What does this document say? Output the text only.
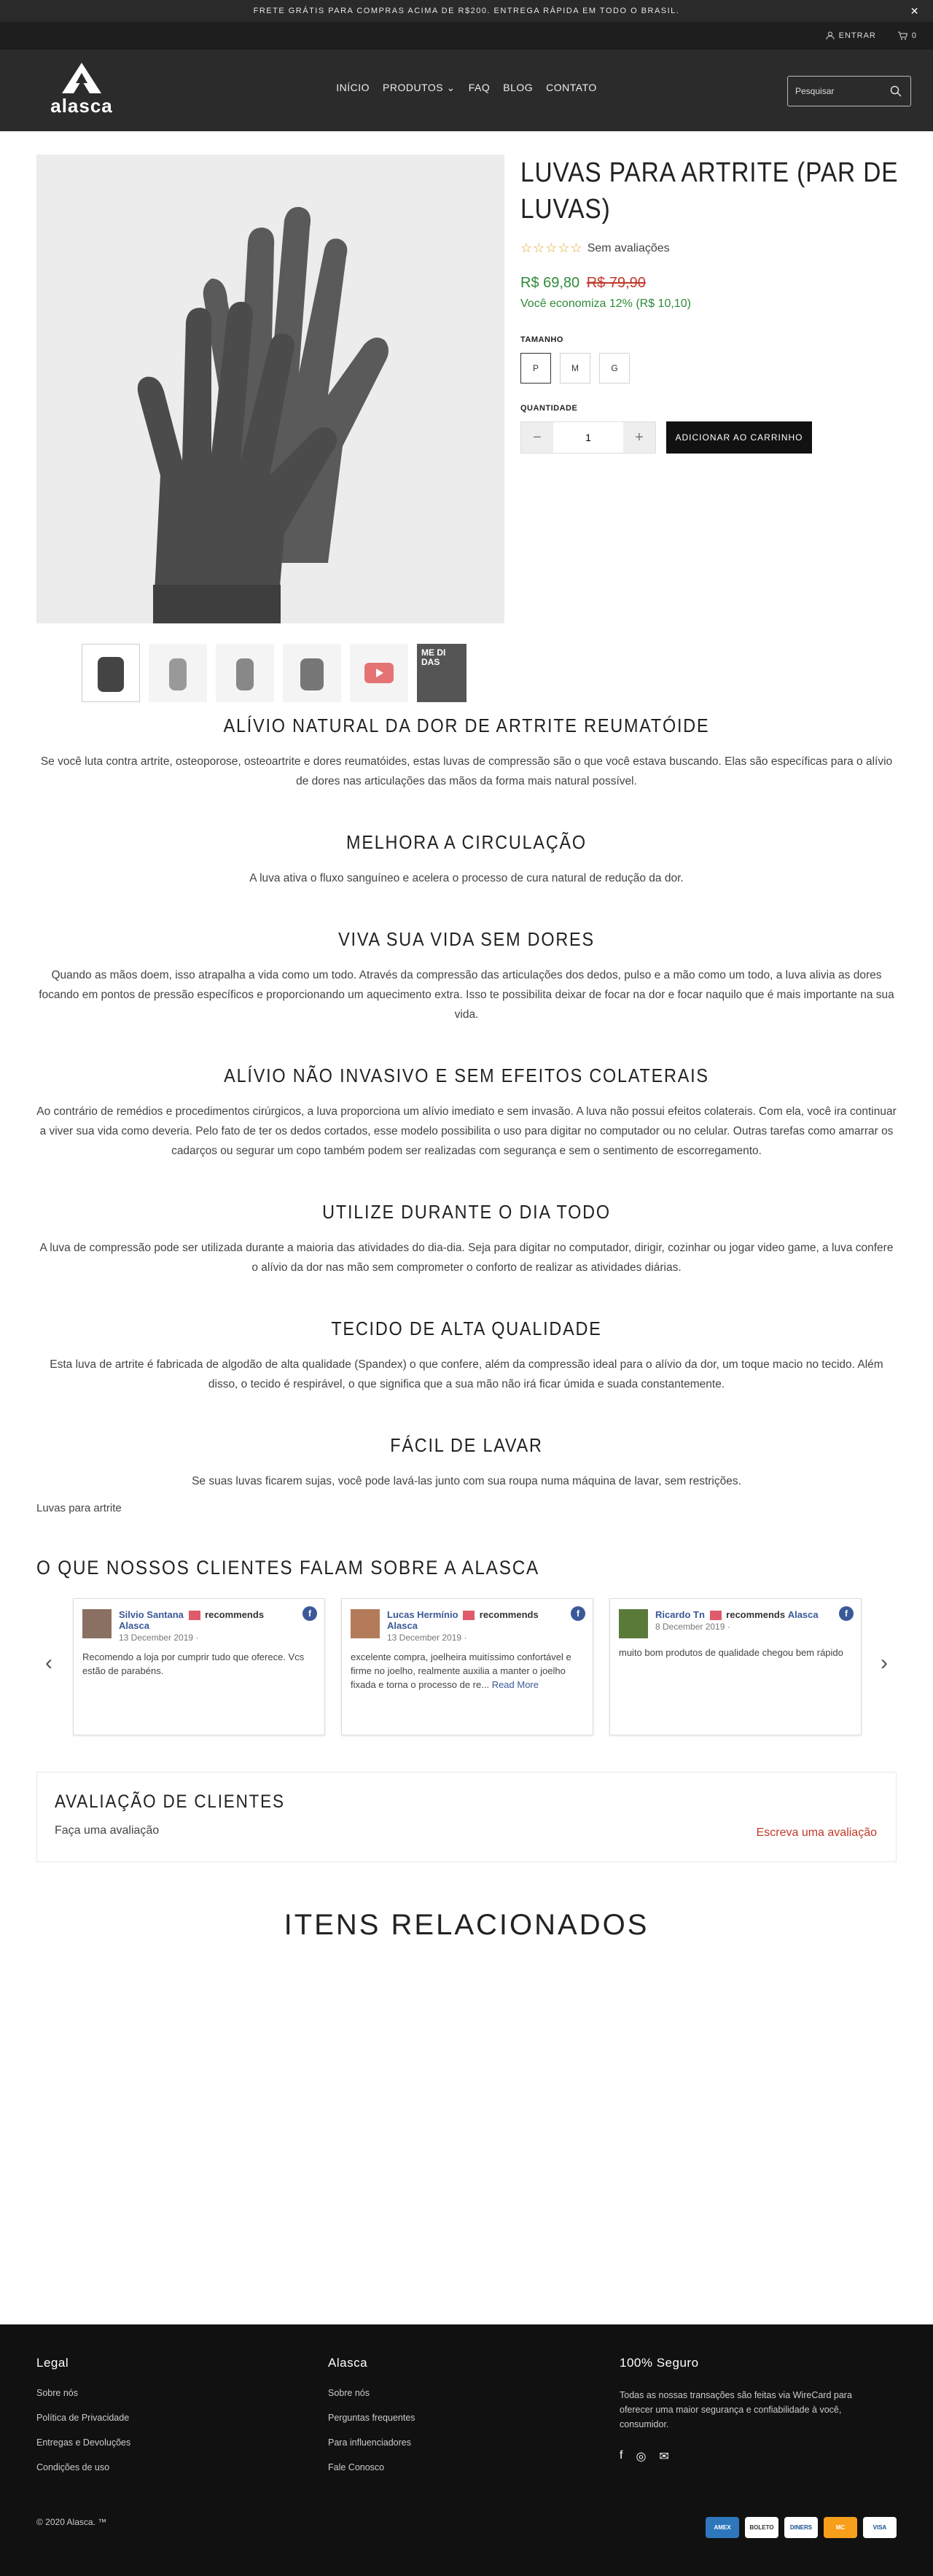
FRETE GRÁTIS PARA COMPRAS ACIMA DE R$200. ENTREGA RÁPIDA EM TODO O BRASIL.	✕
ENTRAR	0
alasca
INÍCIO PRODUTOS ⌄ FAQ BLOG CONTATO
Pesquisar
ME DI DAS
LUVAS PARA ARTRITE (PAR DE LUVAS)
☆☆☆☆☆ Sem avaliações
R$ 69,80 R$ 79,90
Você economiza 12% (R$ 10,10)
TAMANHO
P	M	G
QUANTIDADE
−
1	+	ADICIONAR AO CARRINHO
ALÍVIO NATURAL DA DOR DE ARTRITE REUMATÓIDE

Se você luta contra artrite, osteoporose, osteoartrite e dores reumatóides, estas luvas de compressão são o que você estava buscando. Elas são específicas para o alívio de dores nas articulações das mãos da forma mais natural possível.

MELHORA A CIRCULAÇÃO

A luva ativa o fluxo sanguíneo e acelera o processo de cura natural de redução da dor.

VIVA SUA VIDA SEM DORES

Quando as mãos doem, isso atrapalha a vida como um todo. Através da compressão das articulações dos dedos, pulso e a mão como um todo, a luva alivia as dores focando em pontos de pressão específicos e proporcionando um aquecimento extra. Isso te possibilita deixar de focar na dor e focar naquilo que é mais importante na sua vida.

ALÍVIO NÃO INVASIVO E SEM EFEITOS COLATERAIS

Ao contrário de remédios e procedimentos cirúrgicos, a luva proporciona um alívio imediato e sem invasão. A luva não possui efeitos colaterais. Com ela, você ira continuar a viver sua vida como deveria. Pelo fato de ter os dedos cortados, esse modelo possibilita o uso para digitar no computador ou no celular. Outras tarefas como amarrar os cadarços ou segurar um copo também podem ser realizadas com segurança e sem o sentimento de escorregamento.

UTILIZE DURANTE O DIA TODO

A luva de compressão pode ser utilizada durante a maioria das atividades do dia-dia. Seja para digitar no computador, dirigir, cozinhar ou jogar video game, a luva confere o alívio da dor nas mão sem comprometer o conforto de realizar as atividades diárias.

TECIDO DE ALTA QUALIDADE

Esta luva de artrite é fabricada de algodão de alta qualidade (Spandex) o que confere, além da compressão ideal para o alívio da dor, um toque macio no tecido. Além disso, o tecido é respirável, o que significa que a sua mão não irá ficar úmida e suada constantemente.

FÁCIL DE LAVAR

Se suas luvas ficarem sujas, você pode lavá-las junto com sua roupa numa máquina de lavar, sem restrições.

Luvas para artrite
O QUE NOSSOS CLIENTES FALAM SOBRE A ALASCA
‹
f
Silvio Santana recommends
Alasca
13 December 2019 ·
Recomendo a loja por cumprir tudo que oferece. Vcs estão de parabéns.
f
Lucas Hermínio recommends
Alasca
13 December 2019 ·
excelente compra, joelheira muitíssimo confortável e firme no joelho, realmente auxilia a manter o joelho fixada e torna o processo de re... Read More
f
Ricardo Tn recommends Alasca
8 December 2019 ·
muito bom produtos de qualidade chegou bem rápido	›
AVALIAÇÃO DE CLIENTES
Faça uma avaliação	Escreva uma avaliação
ITENS RELACIONADOS
Legal
Sobre nós
Política de Privacidade
Entregas e Devoluções
Condições de uso
Alasca
Sobre nós
Perguntas frequentes
Para influenciadores
Fale Conosco
100% Seguro

Todas as nossas transações são feitas via WireCard para oferecer uma maior segurança e confiabilidade à você, consumidor.

f ◎ ✉
© 2020 Alasca. ™
AMEX	BOLETO	DINERS	MC	VISA
